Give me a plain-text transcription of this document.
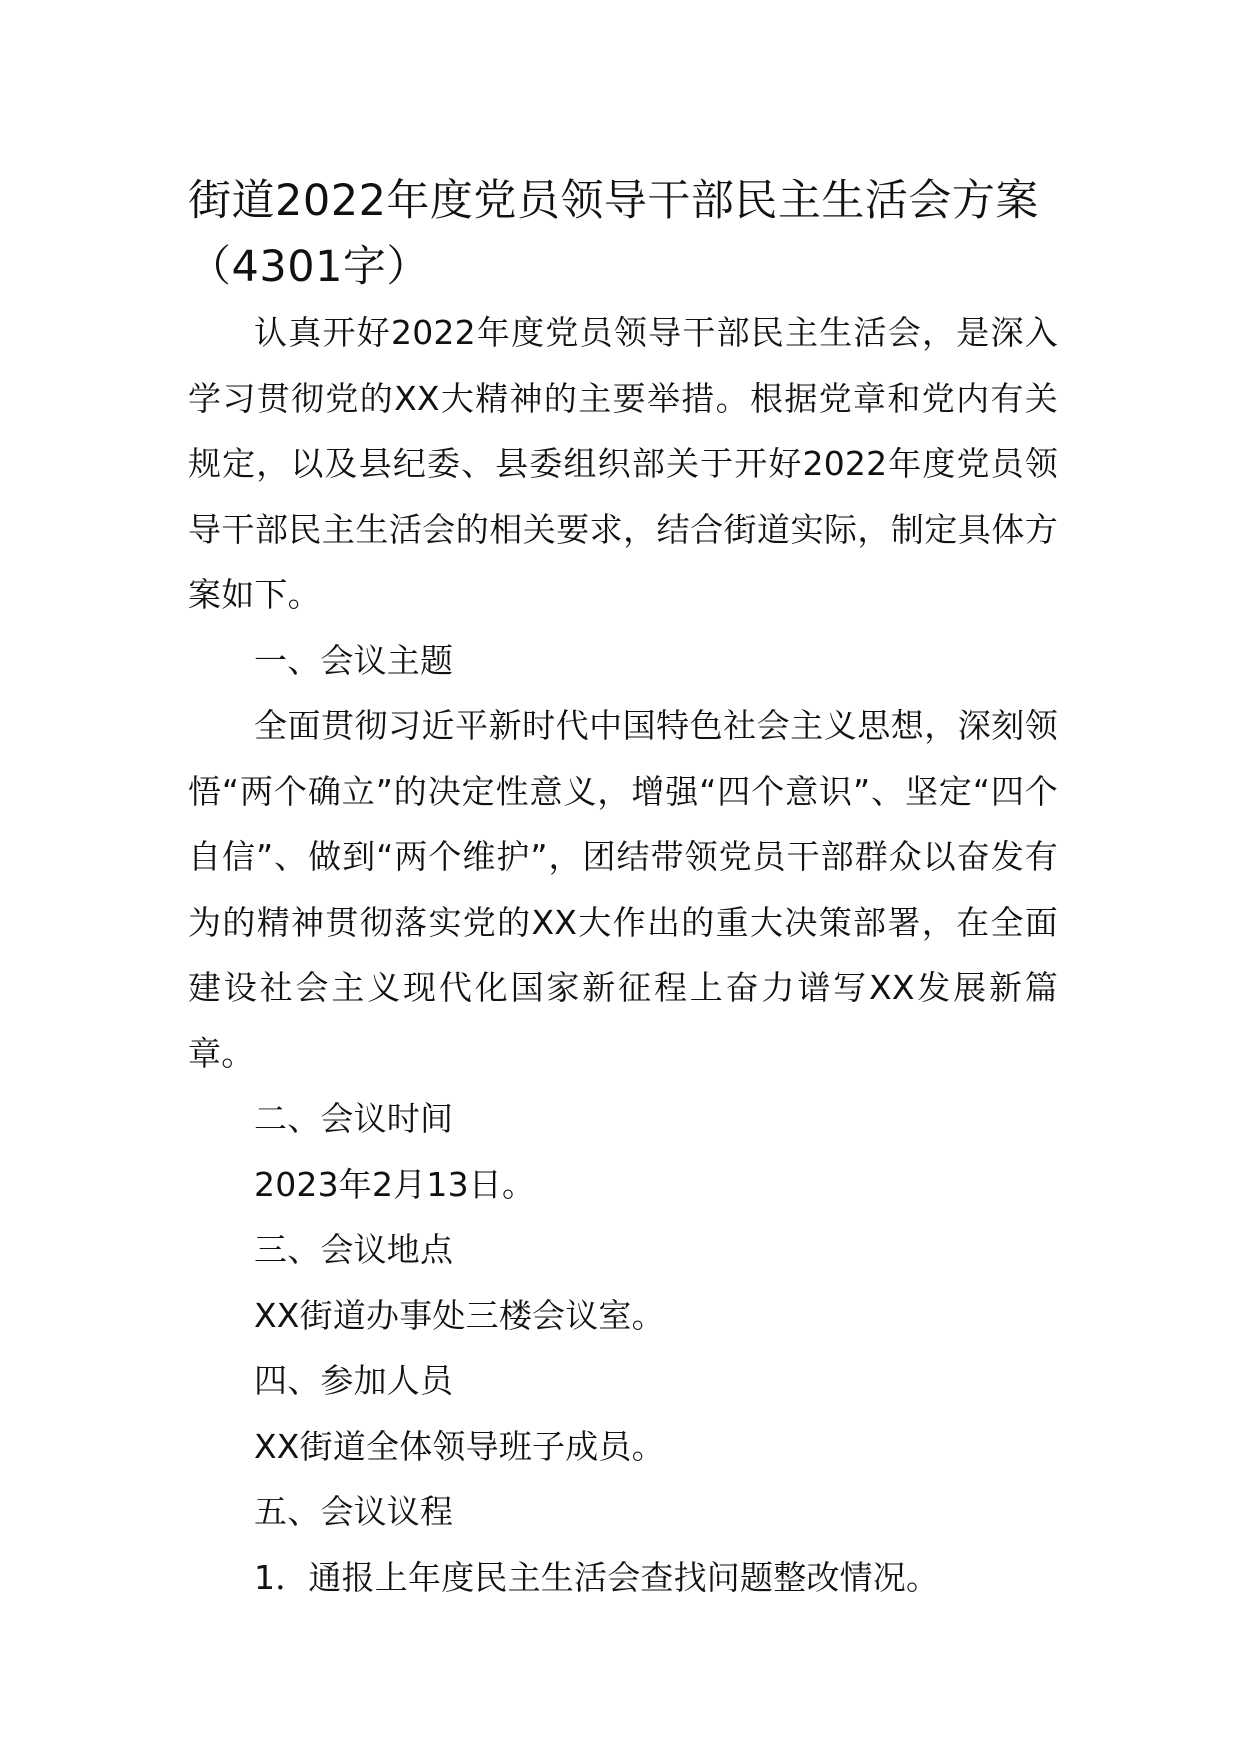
街道2022年度党员领导干部民主生活会方案（4301字）

认真开好2022年度党员领导干部民主生活会，是深入学习贯彻党的XX大精神的主要举措。根据党章和党内有关规定，以及县纪委、县委组织部关于开好2022年度党员领导干部民主生活会的相关要求，结合街道实际，制定具体方案如下。

一、会议主题

全面贯彻习近平新时代中国特色社会主义思想，深刻领悟“两个确立”的决定性意义，增强“四个意识”、坚定“四个自信”、做到“两个维护”，团结带领党员干部群众以奋发有为的精神贯彻落实党的XX大作出的重大决策部署，在全面建设社会主义现代化国家新征程上奋力谱写XX发展新篇章。

二、会议时间

2023年2月13日。

三、会议地点

XX街道办事处三楼会议室。

四、参加人员

XX街道全体领导班子成员。

五、会议议程

1．通报上年度民主生活会查找问题整改情况。
